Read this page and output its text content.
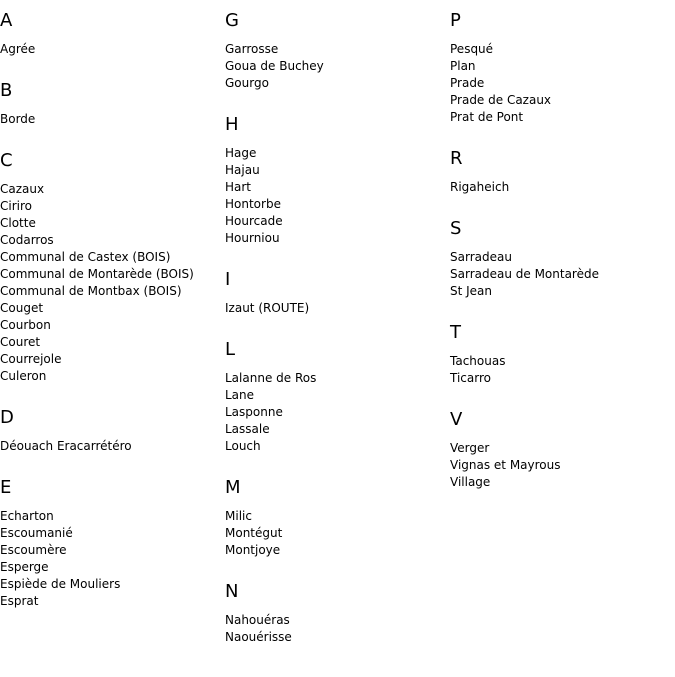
A
Agrée
B
Borde
C
Cazaux
Ciriro
Clotte
Codarros
Communal de Castex (BOIS)
Communal de Montarède (BOIS)
Communal de Montbax (BOIS)
Couget
Courbon
Couret
Courrejole
Culeron
D
Déouach Eracarrétéro
E
Echarton
Escoumanié
Escoumère
Esperge
Espiède de Mouliers
Esprat
G
Garrosse
Goua de Buchey
Gourgo
H
Hage
Hajau
Hart
Hontorbe
Hourcade
Hourniou
I
Izaut (ROUTE)
L
Lalanne de Ros
Lane
Lasponne
Lassale
Louch
M
Milic
Montégut
Montjoye
N
Nahouéras
Naouérisse
P
Pesqué
Plan
Prade
Prade de Cazaux
Prat de Pont
R
Rigaheich
S
Sarradeau
Sarradeau de Montarède
St Jean
T
Tachouas
Ticarro
V
Verger
Vignas et Mayrous
Village
